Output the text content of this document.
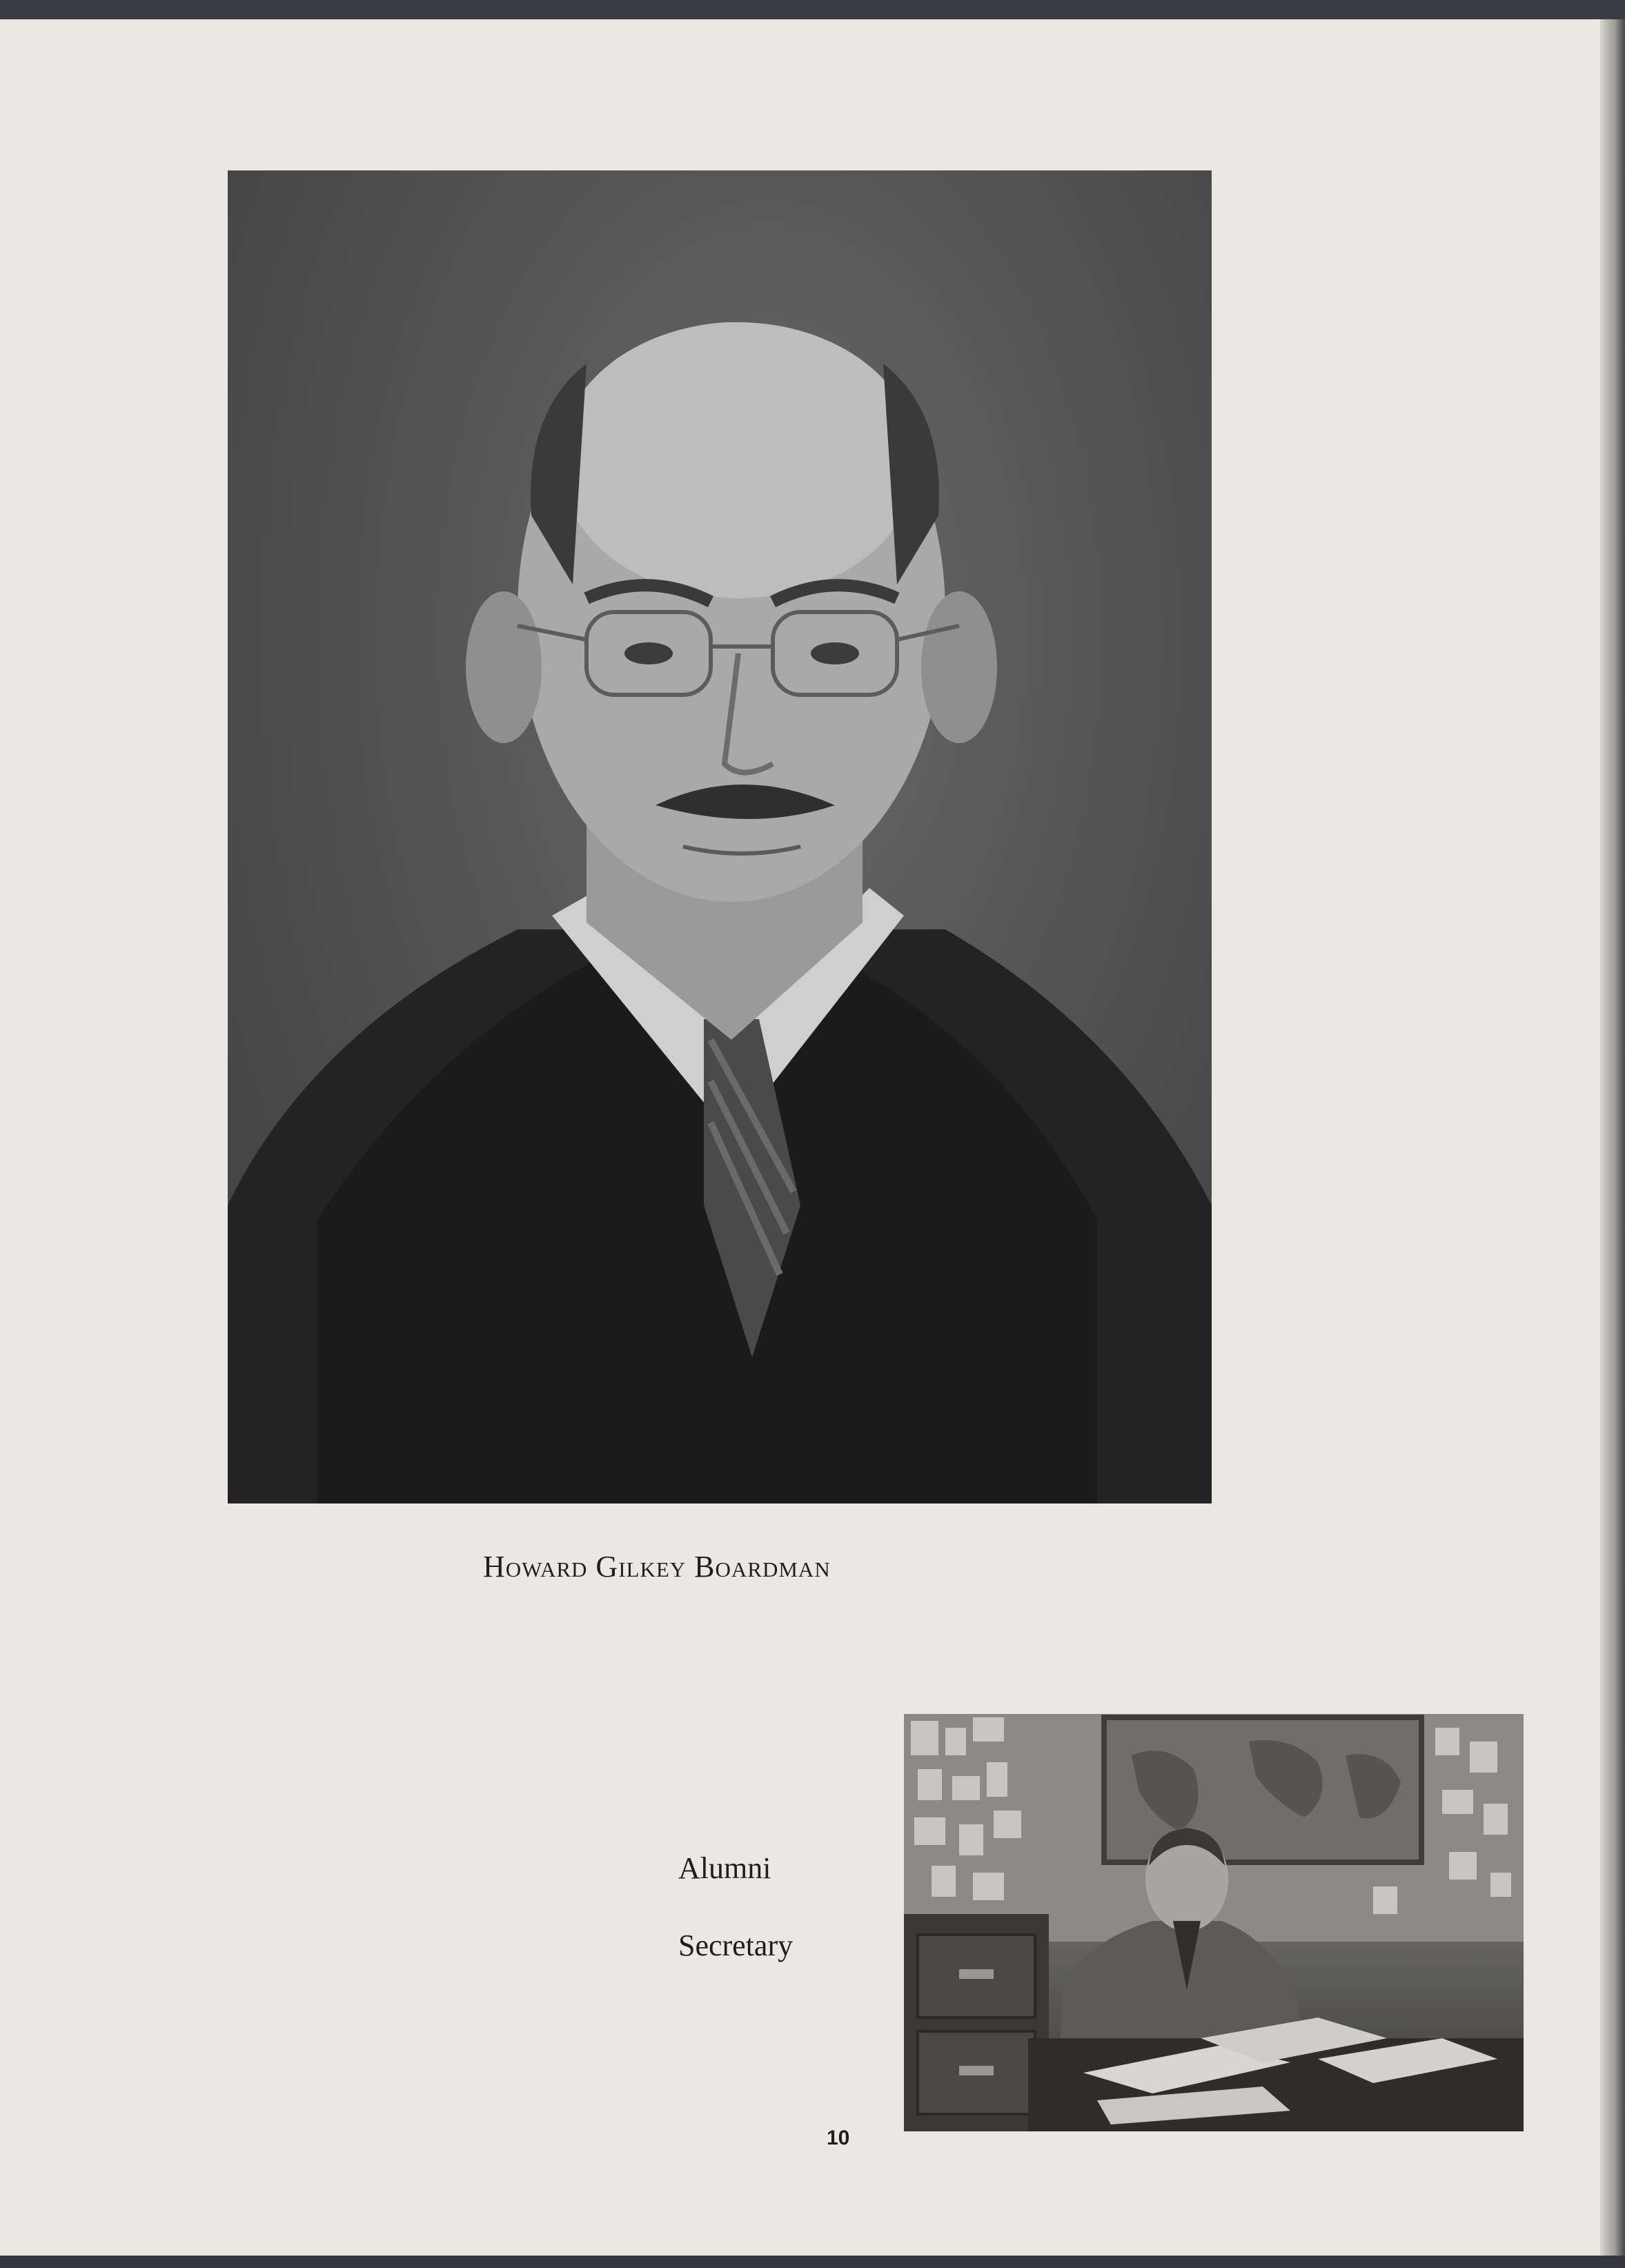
Howard Gilkey Boardman
Alumni
Secretary
10
